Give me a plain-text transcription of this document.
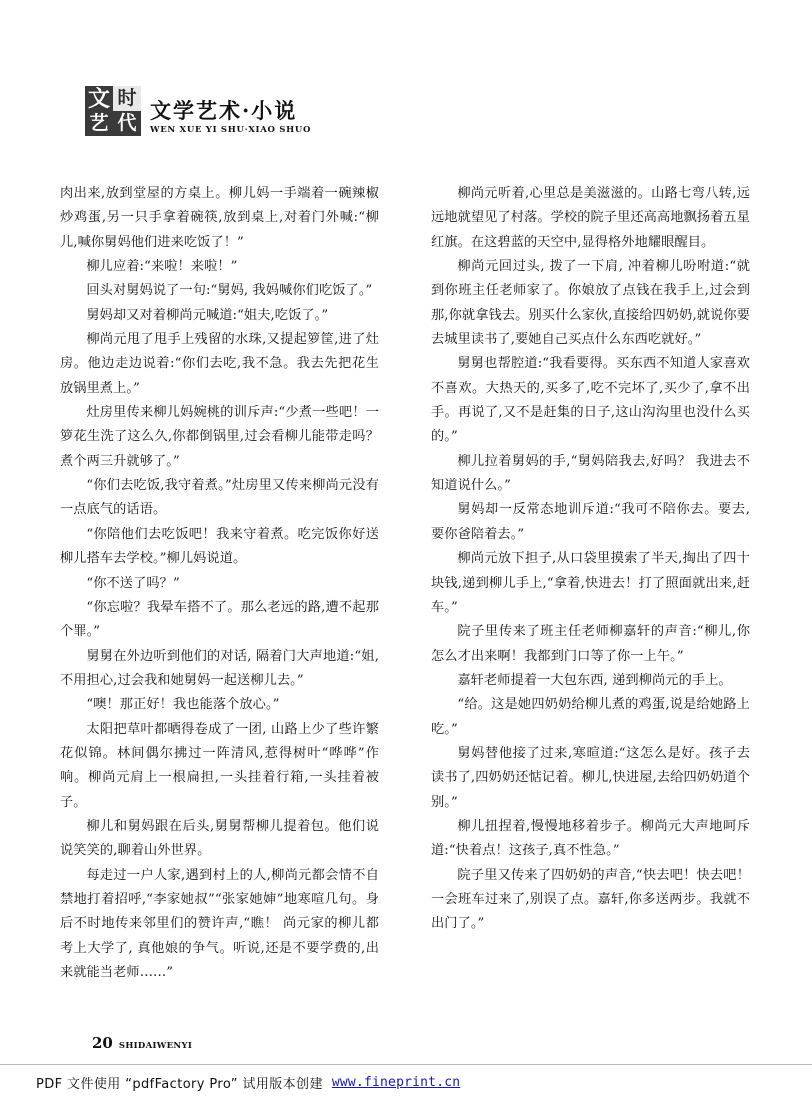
文 时
艺 代
文学艺术·小说
WEN XUE YI SHU·XIAO SHUO

肉出来,放到堂屋的方桌上。柳儿妈一手端着一碗辣椒炒鸡蛋,另一只手拿着碗筷,放到桌上,对着门外喊:“柳儿,喊你舅妈他们进来吃饭了！”

柳儿应着:“来啦！来啦！”

回头对舅妈说了一句:“舅妈, 我妈喊你们吃饭了。”

舅妈却又对着柳尚元喊道:“姐夫,吃饭了。”

柳尚元甩了甩手上残留的水珠,又提起箩筐,进了灶房。他边走边说着:“你们去吃,我不急。我去先把花生放锅里煮上。”

灶房里传来柳儿妈婉桃的训斥声:“少煮一些吧！一箩花生洗了这么久,你都倒锅里,过会看柳儿能带走吗？煮个两三升就够了。”

“你们去吃饭,我守着煮。”灶房里又传来柳尚元没有一点底气的话语。

“你陪他们去吃饭吧！我来守着煮。吃完饭你好送柳儿搭车去学校。”柳儿妈说道。

“你不送了吗？”

“你忘啦？我晕车搭不了。那么老远的路,遭不起那个罪。”

舅舅在外边听到他们的对话, 隔着门大声地道:“姐,不用担心,过会我和她舅妈一起送柳儿去。”

“噢！那正好！我也能落个放心。”

太阳把草叶都晒得卷成了一团, 山路上少了些许繁花似锦。林间偶尔拂过一阵清风,惹得树叶“哗哗”作响。柳尚元肩上一根扁担,一头挂着行箱,一头挂着被子。

柳儿和舅妈跟在后头,舅舅帮柳儿提着包。他们说说笑笑的,聊着山外世界。

每走过一户人家,遇到村上的人,柳尚元都会情不自禁地打着招呼,“李家她叔”“张家她婶”地寒喧几句。身后不时地传来邻里们的赞许声,“瞧！ 尚元家的柳儿都考上大学了, 真他娘的争气。听说,还是不要学费的,出来就能当老师……”

柳尚元听着,心里总是美滋滋的。山路七弯八转,远远地就望见了村落。学校的院子里还高高地飘扬着五星红旗。在这碧蓝的天空中,显得格外地耀眼醒目。

柳尚元回过头, 拨了一下肩, 冲着柳儿吩咐道:“就到你班主任老师家了。你娘放了点钱在我手上,过会到那,你就拿钱去。别买什么家伙,直接给四奶奶,就说你要去城里读书了,要她自己买点什么东西吃就好。”

舅舅也帮腔道:“我看要得。买东西不知道人家喜欢不喜欢。大热天的,买多了,吃不完坏了,买少了,拿不出手。再说了,又不是赶集的日子,这山沟沟里也没什么买的。”

柳儿拉着舅妈的手,“舅妈陪我去,好吗？ 我进去不知道说什么。”

舅妈却一反常态地训斥道:“我可不陪你去。要去,要你爸陪着去。”

柳尚元放下担子,从口袋里摸索了半天,掏出了四十块钱,递到柳儿手上,“拿着,快进去！打了照面就出来,赶车。”

院子里传来了班主任老师柳嘉轩的声音:“柳儿,你怎么才出来啊！我都到门口等了你一上午。”

嘉轩老师提着一大包东西, 递到柳尚元的手上。

“给。这是她四奶奶给柳儿煮的鸡蛋,说是给她路上吃。”

舅妈替他接了过来,寒暄道:“这怎么是好。孩子去读书了,四奶奶还惦记着。柳儿,快进屋,去给四奶奶道个别。”

柳儿扭捏着,慢慢地移着步子。柳尚元大声地呵斥道:“快着点！这孩子,真不性急。”

院子里又传来了四奶奶的声音,“快去吧！快去吧！一会班车过来了,别误了点。嘉轩,你多送两步。我就不出门了。”

20 SHIDAIWENYI
PDF 文件使用 “pdfFactory Pro” 试用版本创建 www.fineprint.cn
